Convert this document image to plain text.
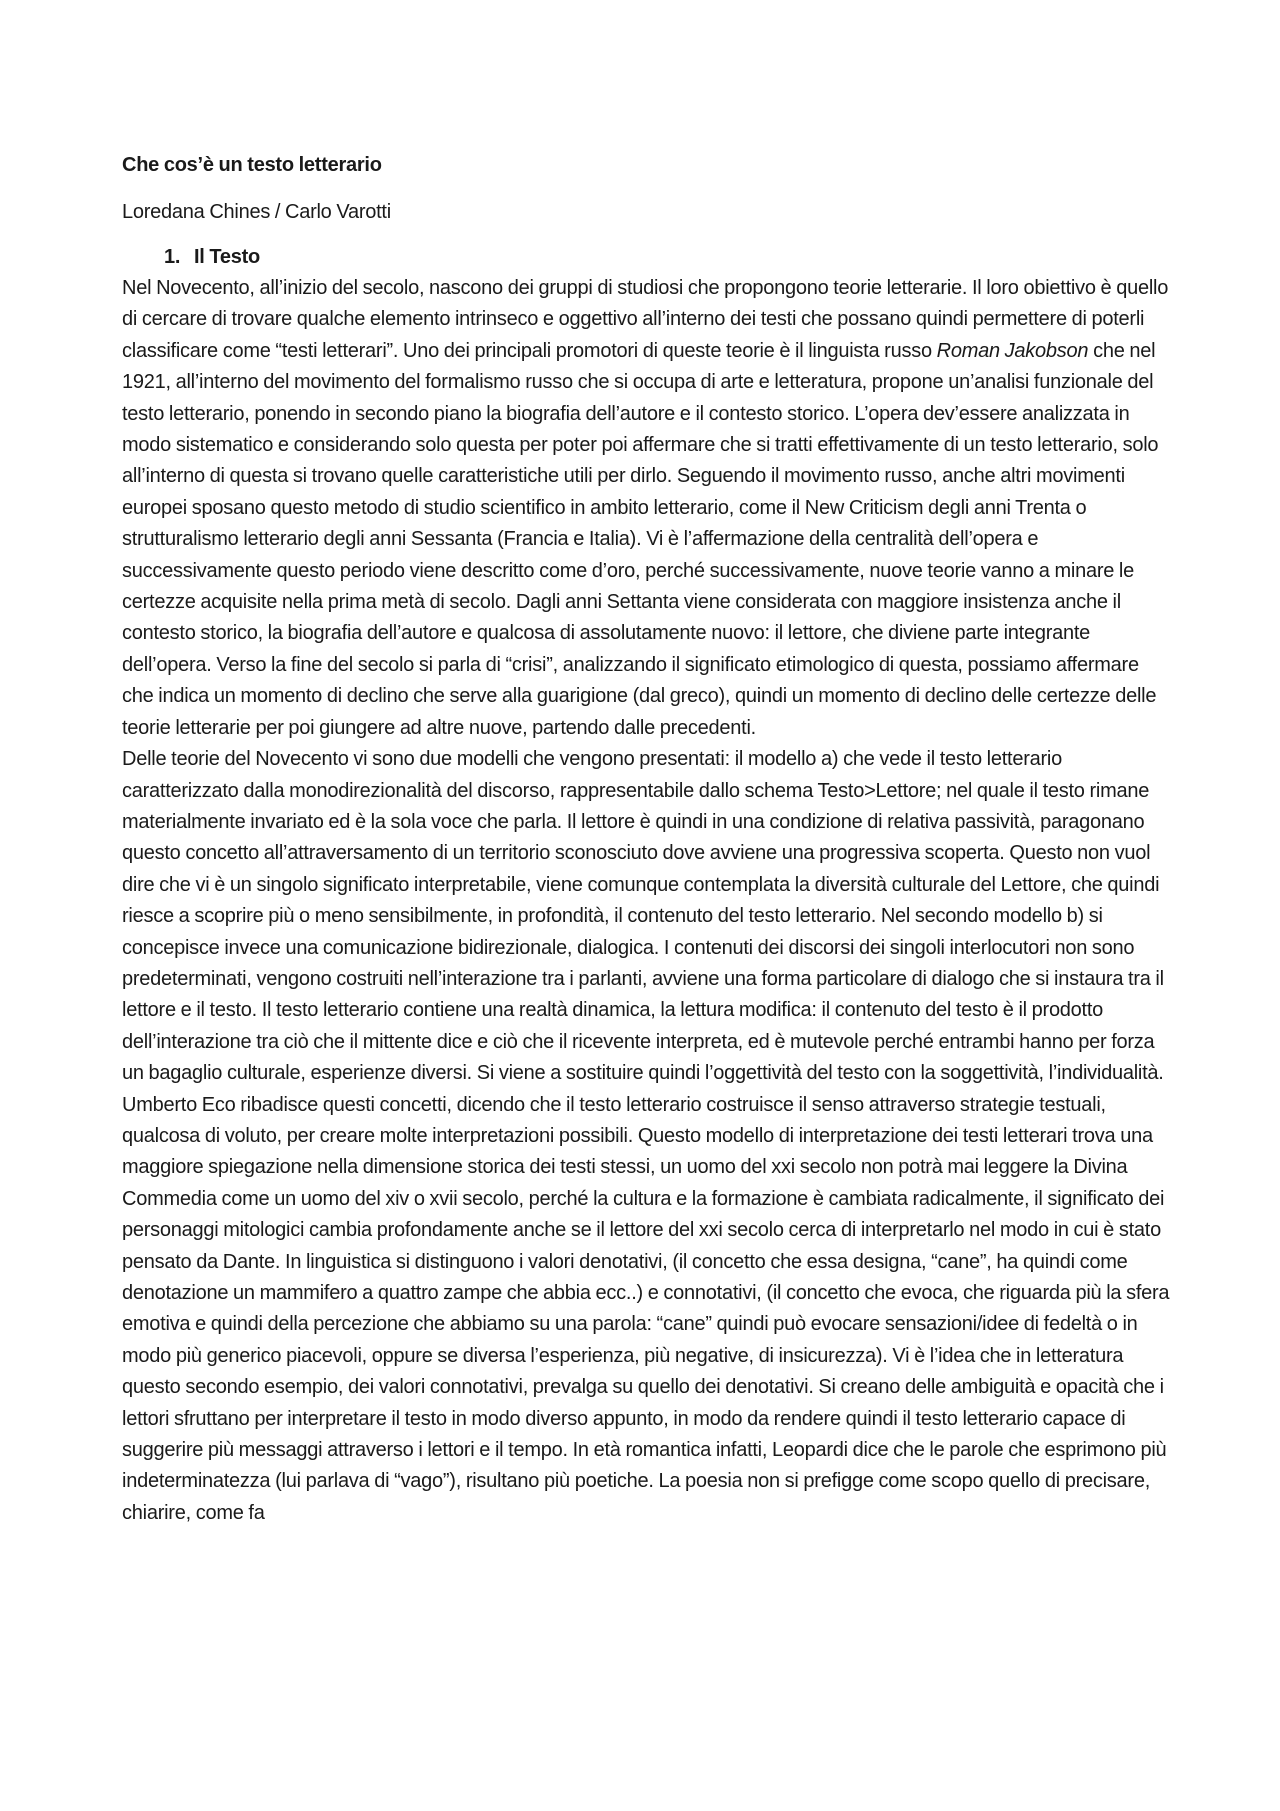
Che cos’è un testo letterario
Loredana Chines / Carlo Varotti
1. Il Testo

Nel Novecento, all’inizio del secolo, nascono dei gruppi di studiosi che propongono teorie letterarie. Il loro obiettivo è quello di cercare di trovare qualche elemento intrinseco e oggettivo all’interno dei testi che possano quindi permettere di poterli classificare come “testi letterari”. Uno dei principali promotori di queste teorie è il linguista russo Roman Jakobson che nel 1921, all’interno del movimento del formalismo russo che si occupa di arte e letteratura, propone un’analisi funzionale del testo letterario, ponendo in secondo piano la biografia dell’autore e il contesto storico. L’opera dev’essere analizzata in modo sistematico e considerando solo questa per poter poi affermare che si tratti effettivamente di un testo letterario, solo all’interno di questa si trovano quelle caratteristiche utili per dirlo. Seguendo il movimento russo, anche altri movimenti europei sposano questo metodo di studio scientifico in ambito letterario, come il New Criticism degli anni Trenta o strutturalismo letterario degli anni Sessanta (Francia e Italia). Vi è l’affermazione della centralità dell’opera e successivamente questo periodo viene descritto come d’oro, perché successivamente, nuove teorie vanno a minare le certezze acquisite nella prima metà di secolo. Dagli anni Settanta viene considerata con maggiore insistenza anche il contesto storico, la biografia dell’autore e qualcosa di assolutamente nuovo: il lettore, che diviene parte integrante dell’opera. Verso la fine del secolo si parla di “crisi”, analizzando il significato etimologico di questa, possiamo affermare che indica un momento di declino che serve alla guarigione (dal greco), quindi un momento di declino delle certezze delle teorie letterarie per poi giungere ad altre nuove, partendo dalle precedenti.

Delle teorie del Novecento vi sono due modelli che vengono presentati: il modello a) che vede il testo letterario caratterizzato dalla monodirezionalità del discorso, rappresentabile dallo schema Testo>Lettore; nel quale il testo rimane materialmente invariato ed è la sola voce che parla. Il lettore è quindi in una condizione di relativa passività, paragonano questo concetto all’attraversamento di un territorio sconosciuto dove avviene una progressiva scoperta. Questo non vuol dire che vi è un singolo significato interpretabile, viene comunque contemplata la diversità culturale del Lettore, che quindi riesce a scoprire più o meno sensibilmente, in profondità, il contenuto del testo letterario. Nel secondo modello b) si concepisce invece una comunicazione bidirezionale, dialogica. I contenuti dei discorsi dei singoli interlocutori non sono predeterminati, vengono costruiti nell’interazione tra i parlanti, avviene una forma particolare di dialogo che si instaura tra il lettore e il testo. Il testo letterario contiene una realtà dinamica, la lettura modifica: il contenuto del testo è il prodotto dell’interazione tra ciò che il mittente dice e ciò che il ricevente interpreta, ed è mutevole perché entrambi hanno per forza un bagaglio culturale, esperienze diversi. Si viene a sostituire quindi l’oggettività del testo con la soggettività, l’individualità. Umberto Eco ribadisce questi concetti, dicendo che il testo letterario costruisce il senso attraverso strategie testuali, qualcosa di voluto, per creare molte interpretazioni possibili. Questo modello di interpretazione dei testi letterari trova una maggiore spiegazione nella dimensione storica dei testi stessi, un uomo del xxi secolo non potrà mai leggere la Divina Commedia come un uomo del xiv o xvii secolo, perché la cultura e la formazione è cambiata radicalmente, il significato dei personaggi mitologici cambia profondamente anche se il lettore del xxi secolo cerca di interpretarlo nel modo in cui è stato pensato da Dante. In linguistica si distinguono i valori denotativi, (il concetto che essa designa, “cane”, ha quindi come denotazione un mammifero a quattro zampe che abbia ecc..) e connotativi, (il concetto che evoca, che riguarda più la sfera emotiva e quindi della percezione che abbiamo su una parola: “cane” quindi può evocare sensazioni/idee di fedeltà o in modo più generico piacevoli, oppure se diversa l’esperienza, più negative, di insicurezza). Vi è l’idea che in letteratura questo secondo esempio, dei valori connotativi, prevalga su quello dei denotativi. Si creano delle ambiguità e opacità che i lettori sfruttano per interpretare il testo in modo diverso appunto, in modo da rendere quindi il testo letterario capace di suggerire più messaggi attraverso i lettori e il tempo. In età romantica infatti, Leopardi dice che le parole che esprimono più indeterminatezza (lui parlava di “vago”), risultano più poetiche. La poesia non si prefigge come scopo quello di precisare, chiarire, come fa
